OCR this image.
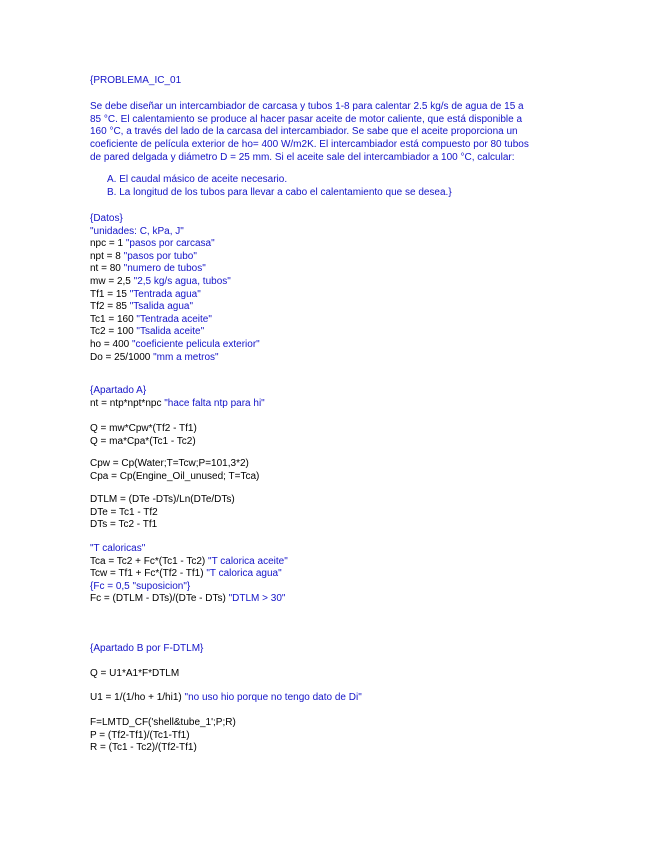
{PROBLEMA_IC_01
Se debe diseñar un intercambiador de carcasa y tubos 1-8 para calentar 2.5 kg/s de agua de 15 a
85 °C. El calentamiento se produce al hacer pasar aceite de motor caliente, que está disponible a
160 °C, a través del lado de la carcasa del intercambiador. Se sabe que el aceite proporciona un
coeficiente de película exterior de ho= 400 W/m2K. El intercambiador está compuesto por 80 tubos
de pared delgada y diámetro D = 25 mm. Si el aceite sale del intercambiador a 100 °C, calcular:
A. El caudal másico de aceite necesario.
B. La longitud de los tubos para llevar a cabo el calentamiento que se desea.}
{Datos}
"unidades: C, kPa, J"
npc = 1 "pasos por carcasa"
npt = 8 "pasos por tubo"
nt = 80 "numero de tubos"
mw = 2,5 "2,5 kg/s agua, tubos"
Tf1 = 15 "Tentrada agua"
Tf2 = 85 "Tsalida agua"
Tc1 = 160 "Tentrada aceite"
Tc2 = 100 "Tsalida aceite"
ho = 400 "coeficiente pelicula exterior"
Do = 25/1000 "mm a metros"
{Apartado A}
nt = ntp*npt*npc "hace falta ntp para hi"
Q = mw*Cpw*(Tf2 - Tf1)
Q = ma*Cpa*(Tc1 - Tc2)
Cpw = Cp(Water;T=Tcw;P=101,3*2)
Cpa = Cp(Engine_Oil_unused; T=Tca)
DTLM = (DTe -DTs)/Ln(DTe/DTs)
DTe = Tc1 - Tf2
DTs = Tc2 - Tf1
"T caloricas"
Tca = Tc2 + Fc*(Tc1 - Tc2) "T calorica aceite"
Tcw = Tf1 + Fc*(Tf2 - Tf1) "T calorica agua"
{Fc = 0,5 "suposicion"}
Fc = (DTLM - DTs)/(DTe - DTs) "DTLM > 30"
{Apartado B por F-DTLM}
Q = U1*A1*F*DTLM
U1 = 1/(1/ho + 1/hi1) "no uso hio porque no tengo dato de Di"
F=LMTD_CF('shell&tube_1';P;R)
P = (Tf2-Tf1)/(Tc1-Tf1)
R = (Tc1 - Tc2)/(Tf2-Tf1)
